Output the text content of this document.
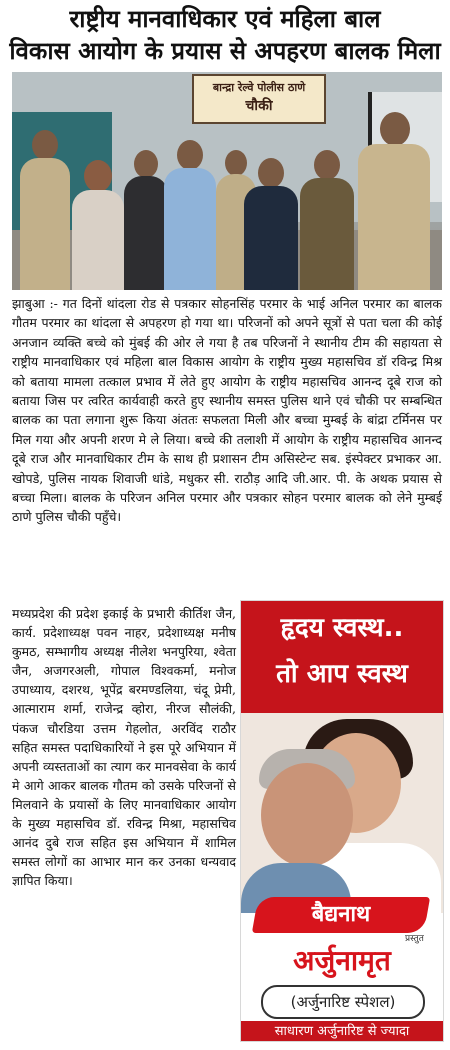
राष्ट्रीय मानवाधिकार एवं महिला बाल
विकास आयोग के प्रयास से अपहरण बालक मिला
बान्द्रा रेल्वे पोलीस ठाणे
चौकी

झाबुआ :- गत दिनों थांदला रोड से पत्रकार सोहनसिंह परमार के भाई अनिल परमार का बालक गौतम परमार का थांदला से अपहरण हो गया था। परिजनों को अपने सूत्रों से पता चला की कोई अनजान व्यक्ति बच्चे को मुंबई की ओर ले गया है तब परिजनों ने स्थानीय टीम की सहायता से राष्ट्रीय मानवाधिकार एवं महिला बाल विकास आयोग के राष्ट्रीय मुख्य महासचिव डॉ रविन्द्र मिश्र को बताया मामला तत्काल प्रभाव में लेते हुए आयोग के राष्ट्रीय महासचिव आनन्द दूबे राज को बताया जिस पर त्वरित कार्यवाही करते हुए स्थानीय समस्त पुलिस थाने एवं चौकी पर सम्बन्धित बालक का पता लगाना शुरू किया अंततः सफलता मिली और बच्चा मुम्बई के बांद्रा टर्मिनस पर मिल गया और अपनी शरण मे ले लिया। बच्चे की तलाशी में आयोग के राष्ट्रीय महासचिव आनन्द दूबे राज और मानवाधिकार टीम के साथ ही प्रशासन टीम असिस्टेन्ट सब. इंस्पेक्टर प्रभाकर आ. खोपडे, पुलिस नायक शिवाजी धांडे, मधुकर सी. राठौड़ आदि जी.आर. पी. के अथक प्रयास से बच्चा मिला। बालक के परिजन अनिल परमार और पत्रकार सोहन परमार बालक को लेने मुम्बई ठाणे पुलिस चौकी पहुँचे।

मध्यप्रदेश की प्रदेश इकाई के प्रभारी कीर्तिश जैन, कार्य. प्रदेशाध्यक्ष पवन नाहर, प्रदेशाध्यक्ष मनीष कुमठ, सम्भागीय अध्यक्ष नीलेश भनपुरिया, श्वेता जैन, अजगरअली, गोपाल विश्वकर्मा, मनोज उपाध्याय, दशरथ, भूपेंद्र बरमण्डलिया, चंदू प्रेमी, आत्माराम शर्मा, राजेन्द्र व्होरा, नीरज सौलंकी, पंकज चौरडिया उत्तम गेहलोत, अरविंद राठौर सहित समस्त पदाधिकारियों ने इस पूरे अभियान में अपनी व्यस्तताओं का त्याग कर मानवसेवा के कार्य मे आगे आकर बालक गौतम को उसके परिजनों से मिलवाने के प्रयासों के लिए मानवाधिकार आयोग के मुख्य महासचिव डॉ. रविन्द्र मिश्रा, महासचिव आनंद दुबे राज सहित इस अभियान में शामिल समस्त लोगों का आभार मान कर उनका धन्यवाद ज्ञापित किया।

हृदय स्वस्थ..
तो आप स्वस्थ
बैद्यनाथ
प्रस्तुत
अर्जुनामृत
(अर्जुनारिष्ट स्पेशल)
साधारण अर्जुनारिष्ट से ज्यादा
